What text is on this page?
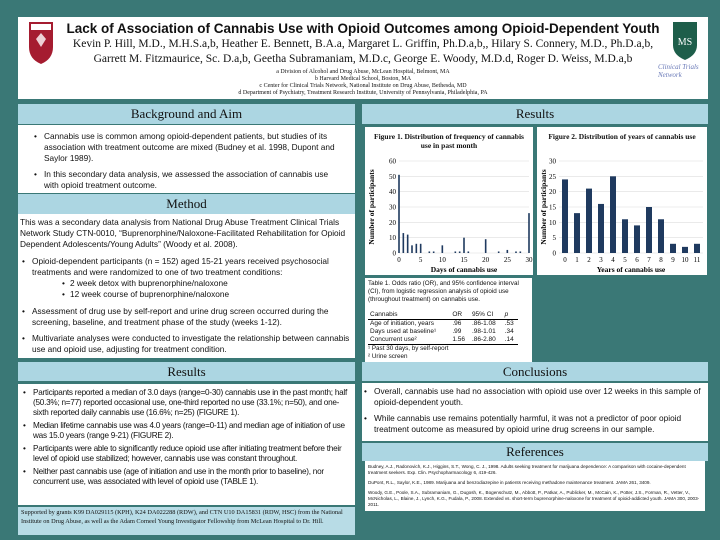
Lack of Association of Cannabis Use with Opioid Outcomes among Opioid-Dependent Youth
Kevin P. Hill, M.D., M.H.S.a,b, Heather E. Bennett, B.A.a, Margaret L. Griffin, Ph.D.a,b,, Hilary S. Connery, M.D., Ph.D.a,b,
Garrett M. Fitzmaurice, Sc. D.a,b, Geetha Subramaniam, M.D.c, George E. Woody, M.D.d, Roger D. Weiss, M.D.a,b
a Division of Alcohol and Drug Abuse, McLean Hospital, Belmont, MA
b Harvard Medical School, Boston, MA
c Center for Clinical Trials Network, National Institute on Drug Abuse, Bethesda, MD
d Department of Psychiatry, Treatment Research Institute, University of Pennsylvania, Philadelphia, PA
MS
Clinical Trials Network
Background and Aim
• Cannabis use is common among opioid-dependent patients, but studies of its association with treatment outcome are mixed (Budney et al. 1998, Dupont and Saylor 1989).
• In this secondary data analysis, we assessed the association of cannabis use with opioid treatment outcome.
Method

This was a secondary data analysis from National Drug Abuse Treatment Clinical Trials Network Study CTN-0010, “Buprenorphine/Naloxone-Facilitated Rehabilitation for Opioid Dependent Adolescents/Young Adults” (Woody et al. 2008).

• Opioid-dependent participants (n = 152) aged 15-21 years received psychosocial treatments and were randomized to one of two treatment conditions:
• 2 week detox with buprenorphine/naloxone
• 12 week course of buprenorphine/naloxone
• Assessment of drug use by self-report and urine drug screen occurred during the screening, baseline, and treatment phase of the study (weeks 1-12).
• Multivariate analyses were conducted to investigate the relationship between cannabis use and opioid use, adjusting for treatment condition.
Results
• Participants reported a median of 3.0 days (range=0-30) cannabis use in the past month; half (50.3%; n=77) reported occasional use, one-third reported no use (33.1%; n=50), and one-sixth reported daily cannabis use (16.6%; n=25) (FIGURE 1).
• Median lifetime cannabis use was 4.0 years (range=0-11) and median age of initiation of use was 15.0 years (range 9-21) (FIGURE 2).
• Participants were able to significantly reduce opioid use after initiating treatment before their level of opioid use stabilized; however, cannabis use was constant throughout.
• Neither past cannabis use (age of initiation and use in the month prior to baseline), nor concurrent use, was associated with level of opioid use (TABLE 1).
Supported by grants K99 DA029115 (KPH), K24 DA022288 (RDW), and CTN U10 DA15831 (RDW, HSC) from the National Institute on Drug Abuse, as well as the Adam Corneel Young Investigator Fellowship from McLean Hospital to Dr. Hill.
Results
Figure 1. Distribution of frequency of cannabis use in past month
0
10
20
30
40
50
60
0	5 10 15 20 25 30
Days of cannabis use
Number of participants
Figure 2. Distribution of years of cannabis use
0
5
10
15
20
25
30
0 1 2 3 4 5 6 7 8 9 10 11
Years of cannabis use
Number of participants

Table 1. Odds ratio (OR), and 95% confidence interval (CI), from logistic regression analysis of opioid use (throughout treatment) on cannabis use.

Cannabis	OR	95% CI	p
Age of initiation, years	.96	.86-1.08	.53
Days used at baseline¹	.99	.98-1.01	.34
Concurrent use²	1.56	.86-2.80	.14

¹ Past 30 days, by self-report

² Urine screen

Conclusions
• Overall, cannabis use had no association with opioid use over 12 weeks in this sample of opioid-dependent youth.
• While cannabis use remains potentially harmful, it was not a predictor of poor opioid treatment outcome as measured by opioid urine drug screens in our sample.
References

Budney, A.J., Radonovich, K.J., Higgins, S.T., Wong, C. J., 1998. Adults seeking treatment for marijuana dependence: A comparison with cocaine-dependent treatment seekers. Exp. Clin. Psychopharmacology 6, 419-426.

DuPont, R.L., Saylor, K.E., 1989. Marijuana and benzodiazepine in patients receiving methadone maintenance treatment. JAMA 261, 3409.

Woody, G.E., Poole, S.A., Subramaniam, G., Dugosh, K., Bogenschutz, M., Abbott, P., Patkar, A., Publicker, M., McCain, K., Potter, J.S., Forman, R., Vetter, V., McNicholas, L., Blaine, J., Lynch, K.G., Fudala, P., 2008. Extended vs. short-term buprenorphine-naloxone for treatment of opioid-addicted youth. JAMA 300, 2003-2011.
